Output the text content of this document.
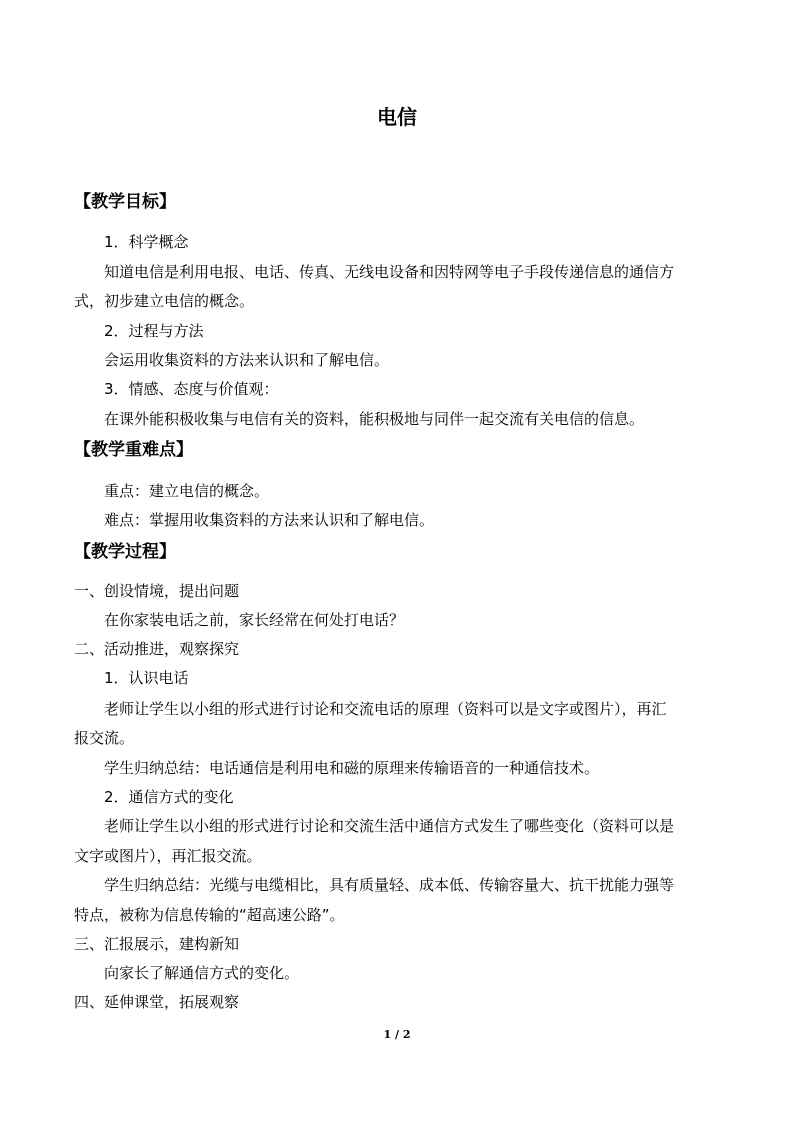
电信
【教学目标】
1．科学概念
知道电信是利用电报、电话、传真、无线电设备和因特网等电子手段传递信息的通信方
式，初步建立电信的概念。
2．过程与方法
会运用收集资料的方法来认识和了解电信。
3．情感、态度与价值观：
在课外能积极收集与电信有关的资料，能积极地与同伴一起交流有关电信的信息。
【教学重难点】
重点：建立电信的概念。
难点：掌握用收集资料的方法来认识和了解电信。
【教学过程】
一、创设情境，提出问题
在你家装电话之前，家长经常在何处打电话？
二、活动推进，观察探究
1．认识电话
老师让学生以小组的形式进行讨论和交流电话的原理（资料可以是文字或图片），再汇
报交流。
学生归纳总结：电话通信是利用电和磁的原理来传输语音的一种通信技术。
2．通信方式的变化
老师让学生以小组的形式进行讨论和交流生活中通信方式发生了哪些变化（资料可以是
文字或图片），再汇报交流。
学生归纳总结：光缆与电缆相比，具有质量轻、成本低、传输容量大、抗干扰能力强等
特点，被称为信息传输的“超高速公路”。
三、汇报展示，建构新知
向家长了解通信方式的变化。
四、延伸课堂，拓展观察
1 / 2
